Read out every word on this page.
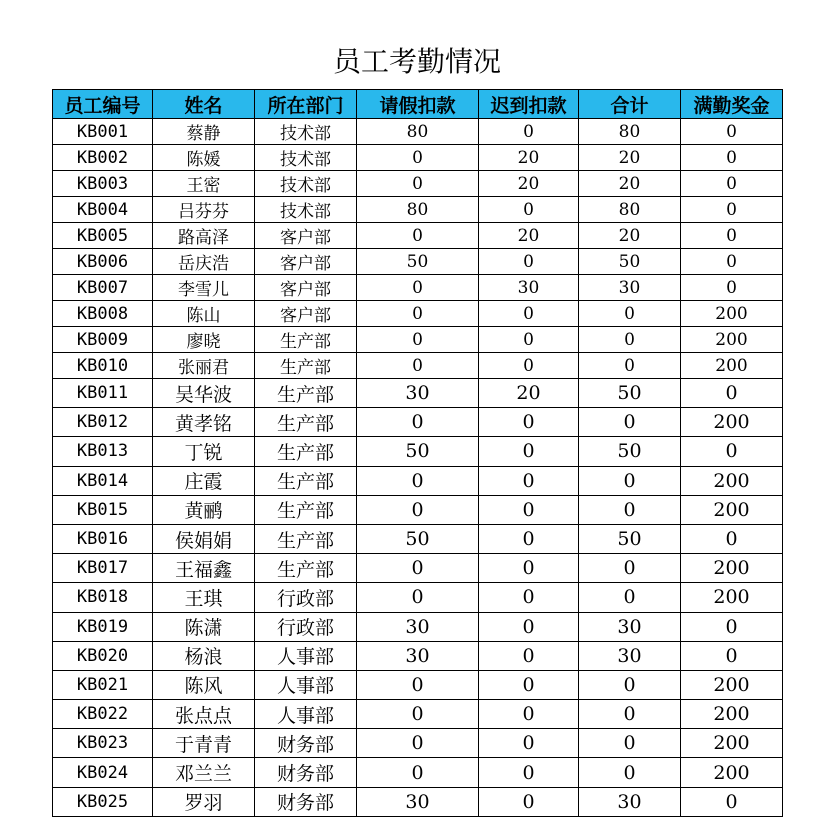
员工考勤情况
员工编号	姓名	所在部门	请假扣款	迟到扣款	合计	满勤奖金
KB001	蔡静	技术部	80	0	80	0
KB002	陈媛	技术部	0	20	20	0
KB003	王密	技术部	0	20	20	0
KB004	吕芬芬	技术部	80	0	80	0
KB005	路高泽	客户部	0	20	20	0
KB006	岳庆浩	客户部	50	0	50	0
KB007	李雪儿	客户部	0	30	30	0
KB008	陈山	客户部	0	0	0	200
KB009	廖晓	生产部	0	0	0	200
KB010	张丽君	生产部	0	0	0	200
KB011	吴华波	生产部	30	20	50	0
KB012	黄孝铭	生产部	0	0	0	200
KB013	丁锐	生产部	50	0	50	0
KB014	庄霞	生产部	0	0	0	200
KB015	黄鹂	生产部	0	0	0	200
KB016	侯娟娟	生产部	50	0	50	0
KB017	王福鑫	生产部	0	0	0	200
KB018	王琪	行政部	0	0	0	200
KB019	陈潇	行政部	30	0	30	0
KB020	杨浪	人事部	30	0	30	0
KB021	陈风	人事部	0	0	0	200
KB022	张点点	人事部	0	0	0	200
KB023	于青青	财务部	0	0	0	200
KB024	邓兰兰	财务部	0	0	0	200
KB025	罗羽	财务部	30	0	30	0
